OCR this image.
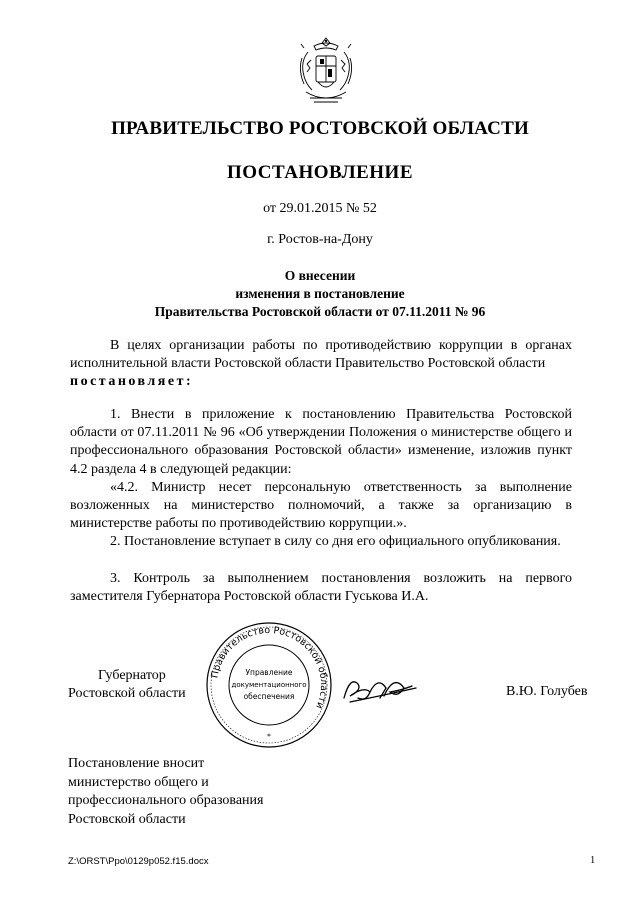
ПРАВИТЕЛЬСТВО РОСТОВСКОЙ ОБЛАСТИ
ПОСТАНОВЛЕНИЕ
от 29.01.2015 № 52
г. Ростов-на-Дону
О внесении
изменения в постановление
Правительства Ростовской области от 07.11.2011 № 96
В целях организации работы по противодействию коррупции в органах исполнительной власти Ростовской области Правительство Ростовской области
постановляет:
1. Внести в приложение к постановлению Правительства Ростовской области от 07.11.2011 № 96 «Об утверждении Положения о министерстве общего и профессионального образования Ростовской области» изменение, изложив пункт 4.2 раздела 4 в следующей редакции:
«4.2. Министр несет персональную ответственность за выполнение возложенных на министерство полномочий, а также за организацию в министерстве работы по противодействию коррупции.».
2. Постановление вступает в силу со дня его официального опубликования.
3. Контроль за выполнением постановления возложить на первого заместителя Губернатора Ростовской области Гуськова И.А.
Губернатор
Ростовской области
Правительство Ростовской области
Управление
документационного
обеспечения
*
В.Ю. Голубев
Постановление вносит
министерство общего и
профессионального образования
Ростовской области
Z:\ORST\Ppo\0129p052.f15.docx	1
